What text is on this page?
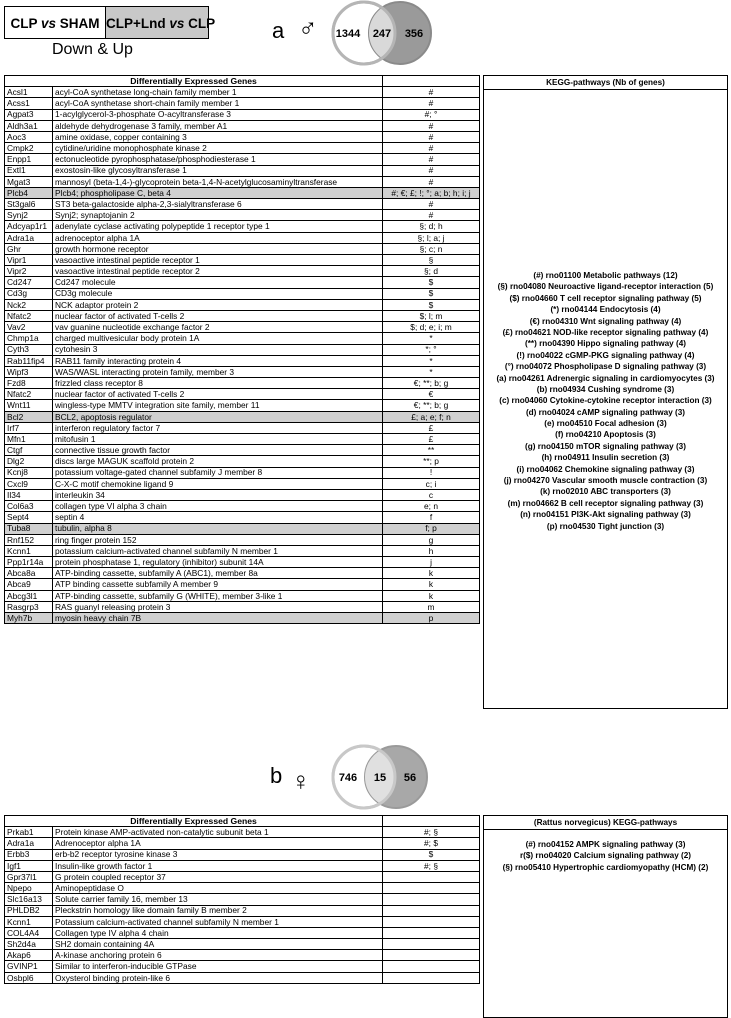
CLP vs SHAM CLP+Lnd vs CLP
Down & Up
a ♂ 1344 247 356
Differentially Expressed Genes		
Acsl1	acyl-CoA synthetase long-chain family member 1	#
Acss1	acyl-CoA synthetase short-chain family member 1	#
Agpat3	1-acylglycerol-3-phosphate O-acyltransferase 3	#; °
Aldh3a1	aldehyde dehydrogenase 3 family, member A1	#
Aoc3	amine oxidase, copper containing 3	#
Cmpk2	cytidine/uridine monophosphate kinase 2	#
Enpp1	ectonucleotide pyrophosphatase/phosphodiesterase 1	#
Extl1	exostosin-like glycosyltransferase 1	#
Mgat3	mannosyl (beta-1,4-)-glycoprotein beta-1,4-N-acetylglucosaminyltransferase	#
Plcb4	Plcb4; phospholipase C, beta 4	#; €; £; !; °; a; b; h; i; j
St3gal6	ST3 beta-galactoside alpha-2,3-sialyltransferase 6	#
Synj2	Synj2; synaptojanin 2	#
Adcyap1r1	adenylate cyclase activating polypeptide 1 receptor type 1	§; d; h
Adra1a	adrenoceptor alpha 1A	§; l; a; j
Ghr	growth hormone receptor	§; c; n
Vipr1	vasoactive intestinal peptide receptor 1	§
Vipr2	vasoactive intestinal peptide receptor 2	§; d
Cd247	Cd247 molecule	$
Cd3g	CD3g molecule	$
Nck2	NCK adaptor protein 2	$
Nfatc2	nuclear factor of activated T-cells 2	$; l; m
Vav2	vav guanine nucleotide exchange factor 2	$; d; e; i; m
Chmp1a	charged multivesicular body protein 1A	*
Cyth3	cytohesin 3	*; °
Rab11fip4	RAB11 family interacting protein 4	*
Wipf3	WAS/WASL interacting protein family, member 3	*
Fzd8	frizzled class receptor 8	€; **; b; g
Nfatc2	nuclear factor of activated T-cells 2	€
Wnt11	wingless-type MMTV integration site family, member 11	€; **; b; g
Bcl2	BCL2, apoptosis regulator	£; a; e; f; n
Irf7	interferon regulatory factor 7	£
Mfn1	mitofusin 1	£
Ctgf	connective tissue growth factor	**
Dlg2	discs large MAGUK scaffold protein 2	**; p
Kcnj8	potassium voltage-gated channel subfamily J member 8	!
Cxcl9	C-X-C motif chemokine ligand 9	c; i
Il34	interleukin 34	c
Col6a3	collagen type VI alpha 3 chain	e; n
Sept4	septin 4	f
Tuba8	tubulin, alpha 8	f; p
Rnf152	ring finger protein 152	g
Kcnn1	potassium calcium-activated channel subfamily N member 1	h
Ppp1r14a	protein phosphatase 1, regulatory (inhibitor) subunit 14A	j
Abca8a	ATP-binding cassette, subfamily A (ABC1), member 8a	k
Abca9	ATP binding cassette subfamily A member 9	k
Abcg3l1	ATP-binding cassette, subfamily G (WHITE), member 3-like 1	k
Rasgrp3	RAS guanyl releasing protein 3	m
Myh7b	myosin heavy chain 7B	p
KEGG-pathways (Nb of genes)
(#) rno01100 Metabolic pathways (12)
(§) rno04080 Neuroactive ligand-receptor interaction (5)
($) rno04660 T cell receptor signaling pathway (5)
(*) rno04144 Endocytosis (4)
(€) rno04310 Wnt signaling pathway (4)
(£) rno04621 NOD-like receptor signaling pathway (4)
(**) rno04390 Hippo signaling pathway (4)
(!) rno04022 cGMP-PKG signaling pathway (4)
(°) rno04072 Phospholipase D signaling pathway (3)
(a) rno04261 Adrenergic signaling in cardiomyocytes (3)
(b) rno04934 Cushing syndrome (3)
(c) rno04060 Cytokine-cytokine receptor interaction (3)
(d) rno04024 cAMP signaling pathway (3)
(e) rno04510 Focal adhesion (3)
(f) rno04210 Apoptosis (3)
(g) rno04150 mTOR signaling pathway (3)
(h) rno04911 Insulin secretion (3)
(i) rno04062 Chemokine signaling pathway (3)
(j) rno04270 Vascular smooth muscle contraction (3)
(k) rno02010 ABC transporters (3)
(m) rno04662 B cell receptor signaling pathway (3)
(n) rno04151 PI3K-Akt signaling pathway (3)
(p) rno04530 Tight junction (3)
b ♀	746 15 56
Differentially Expressed Genes		
Prkab1	Protein kinase AMP-activated non-catalytic subunit beta 1	#; §
Adra1a	Adrenoceptor alpha 1A	#; $
Erbb3	erb-b2 receptor tyrosine kinase 3	$
Igf1	Insulin-like growth factor 1	#; §
Gpr37l1	G protein coupled receptor 37	
Npepo	Aminopeptidase O	
Slc16a13	Solute carrier family 16, member 13	
PHLDB2	Pleckstrin homology like domain family B member 2	
Kcnn1	Potassium calcium-activated channel subfamily N member 1	
COL4A4	Collagen type IV alpha 4 chain	
Sh2d4a	SH2 domain containing 4A	
Akap6	A-kinase anchoring protein 6	
GVINP1	Similar to interferon-inducible GTPase	
Osbpl6	Oxysterol binding protein-like 6	
(Rattus norvegicus) KEGG-pathways
(#) rno04152 AMPK signaling pathway (3)
r($) rno04020 Calcium signaling pathway (2)
(§) rno05410 Hypertrophic cardiomyopathy (HCM) (2)
